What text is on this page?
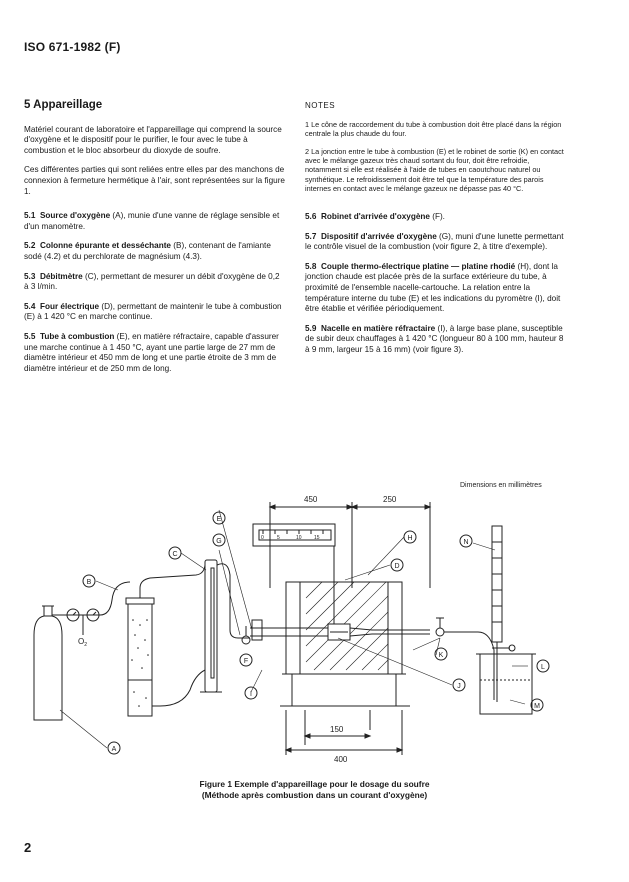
ISO 671-1982 (F)
5 Appareillage

Matériel courant de laboratoire et l'appareillage qui comprend la source d'oxygène et le dispositif pour le purifier, le four avec le tube à combustion et le bloc absorbeur du dioxyde de soufre.

Ces différentes parties qui sont reliées entre elles par des manchons de connexion à fermeture hermétique à l'air, sont représentées sur la figure 1.

5.1 Source d'oxygène (A), munie d'une vanne de réglage sensible et d'un manomètre.

5.2 Colonne épurante et desséchante (B), contenant de l'amiante sodé (4.2) et du perchlorate de magnésium (4.3).

5.3 Débitmètre (C), permettant de mesurer un débit d'oxygène de 0,2 à 3 l/min.

5.4 Four électrique (D), permettant de maintenir le tube à combustion (E) à 1 420 °C en marche continue.

5.5 Tube à combustion (E), en matière réfractaire, capable d'assurer une marche continue à 1 450 °C, ayant une partie large de 27 mm de diamètre intérieur et 450 mm de long et une partie étroite de 3 mm de diamètre intérieur et de 250 mm de long.

NOTES

1 Le cône de raccordement du tube à combustion doit être placé dans la région centrale la plus chaude du four.

2 La jonction entre le tube à combustion (E) et le robinet de sortie (K) en contact avec le mélange gazeux très chaud sortant du four, doit être refroidie, notamment si elle est réalisée à l'aide de tubes en caoutchouc naturel ou synthétique. Le refroidissement doit être tel que la température des parois internes en contact avec le mélange gazeux ne dépasse pas 40 °C.

5.6 Robinet d'arrivée d'oxygène (F).

5.7 Dispositif d'arrivée d'oxygène (G), muni d'une lunette permettant le contrôle visuel de la combustion (voir figure 2, à titre d'exemple).

5.8 Couple thermo-électrique platine — platine rhodié (H), dont la jonction chaude est placée près de la surface extérieure du tube, à proximité de l'ensemble nacelle-cartouche. La relation entre la température interne du tube (E) et les indications du pyromètre (I), doit être établie et vérifiée périodiquement.

5.9 Nacelle en matière réfractaire (I), à large base plane, susceptible de subir deux chauffages à 1 420 °C (longueur 80 à 100 mm, hauteur 8 à 9 mm, largeur 15 à 16 mm) (voir figure 3).

Dimensions en millimètres
450	250
0	5	10 15
$O_2$
150
400
A
B
C
D
E
F
G	H
I
J
K
L
M
N
Figure 1 Exemple d'appareillage pour le dosage du soufre
(Méthode après combustion dans un courant d'oxygène)
2
